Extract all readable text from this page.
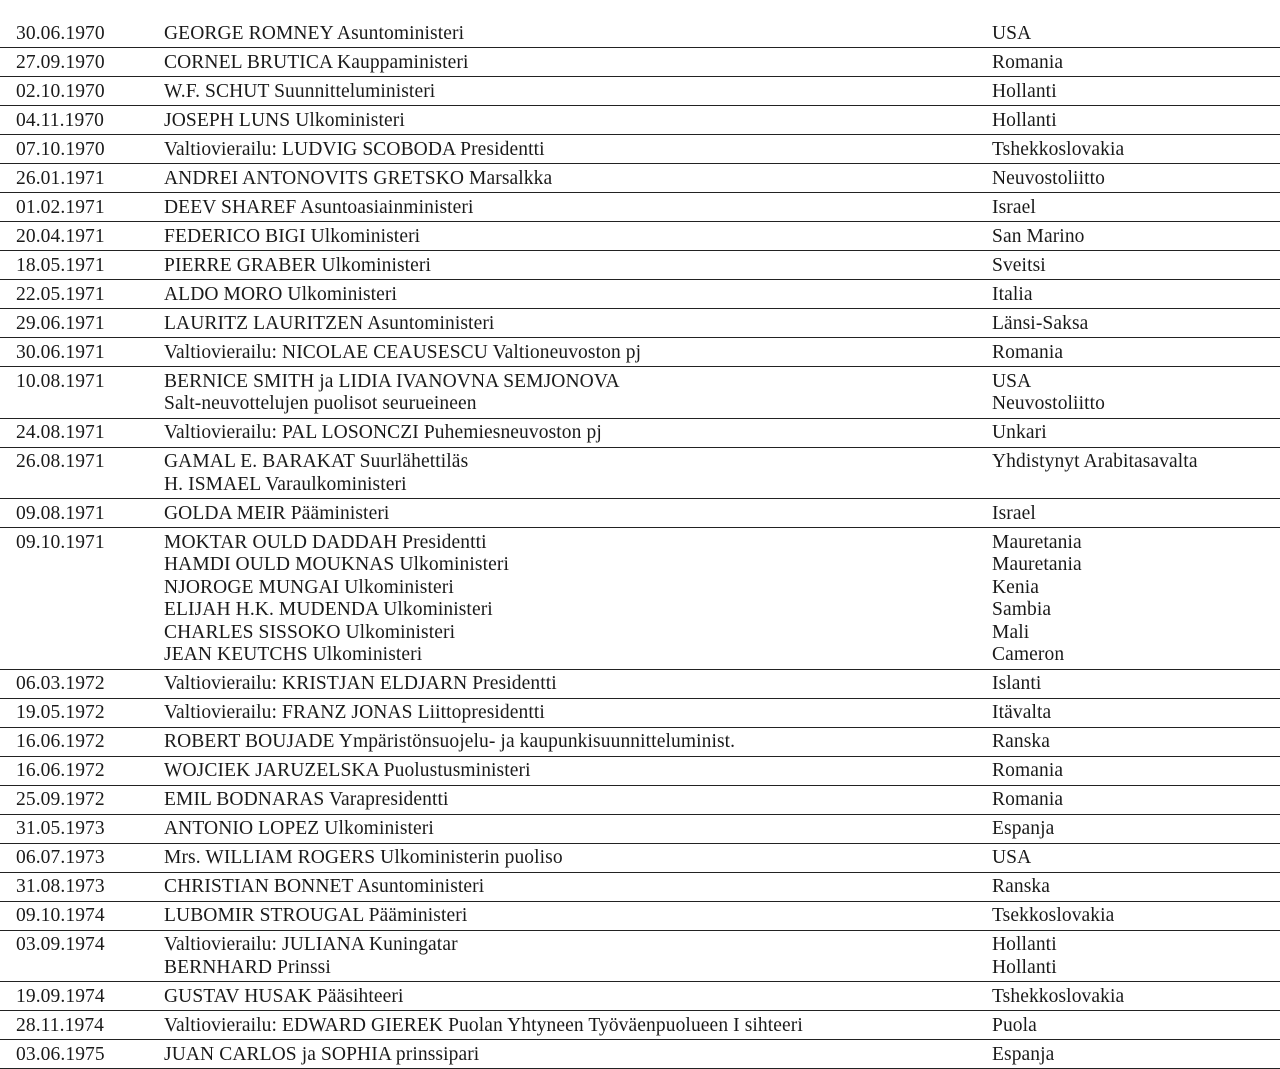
30.06.1970	GEORGE ROMNEY Asuntoministeri	USA
27.09.1970	CORNEL BRUTICA Kauppaministeri	Romania
02.10.1970	W.F. SCHUT Suunnitteluministeri	Hollanti
04.11.1970	JOSEPH LUNS Ulkoministeri	Hollanti
07.10.1970	Valtiovierailu: LUDVIG SCOBODA Presidentti	Tshekkoslovakia
26.01.1971	ANDREI ANTONOVITS GRETSKO Marsalkka	Neuvostoliitto
01.02.1971	DEEV SHAREF Asuntoasiainministeri	Israel
20.04.1971	FEDERICO BIGI Ulkoministeri	San Marino
18.05.1971	PIERRE GRABER Ulkoministeri	Sveitsi
22.05.1971	ALDO MORO Ulkoministeri	Italia
29.06.1971	LAURITZ LAURITZEN Asuntoministeri	Länsi-Saksa
30.06.1971	Valtiovierailu: NICOLAE CEAUSESCU Valtioneuvoston pj	Romania
10.08.1971	BERNICE SMITH ja LIDIA IVANOVNA SEMJONOVA	USA
Salt-neuvottelujen puolisot seurueineen	Neuvostoliitto
24.08.1971	Valtiovierailu: PAL LOSONCZI Puhemiesneuvoston pj	Unkari
26.08.1971	GAMAL E. BARAKAT Suurlähettiläs	Yhdistynyt Arabitasavalta
H. ISMAEL Varaulkoministeri
09.08.1971	GOLDA MEIR Pääministeri	Israel
09.10.1971	MOKTAR OULD DADDAH Presidentti	Mauretania
HAMDI OULD MOUKNAS Ulkoministeri	Mauretania
NJOROGE MUNGAI Ulkoministeri	Kenia
ELIJAH H.K. MUDENDA Ulkoministeri	Sambia
CHARLES SISSOKO Ulkoministeri	Mali
JEAN KEUTCHS Ulkoministeri	Cameron
06.03.1972	Valtiovierailu: KRISTJAN ELDJARN Presidentti	Islanti
19.05.1972	Valtiovierailu: FRANZ JONAS Liittopresidentti	Itävalta
16.06.1972	ROBERT BOUJADE Ympäristönsuojelu- ja kaupunkisuunnitteluminist.	Ranska
16.06.1972	WOJCIEK JARUZELSKA Puolustusministeri	Romania
25.09.1972	EMIL BODNARAS Varapresidentti	Romania
31.05.1973	ANTONIO LOPEZ Ulkoministeri	Espanja
06.07.1973	Mrs. WILLIAM ROGERS Ulkoministerin puoliso	USA
31.08.1973	CHRISTIAN BONNET Asuntoministeri	Ranska
09.10.1974	LUBOMIR STROUGAL Pääministeri	Tsekkoslovakia
03.09.1974	Valtiovierailu: JULIANA Kuningatar	Hollanti
BERNHARD Prinssi	Hollanti
19.09.1974	GUSTAV HUSAK Pääsihteeri	Tshekkoslovakia
28.11.1974	Valtiovierailu: EDWARD GIEREK Puolan Yhtyneen Työväenpuolueen I sihteeri	Puola
03.06.1975	JUAN CARLOS ja SOPHIA prinssipari	Espanja
